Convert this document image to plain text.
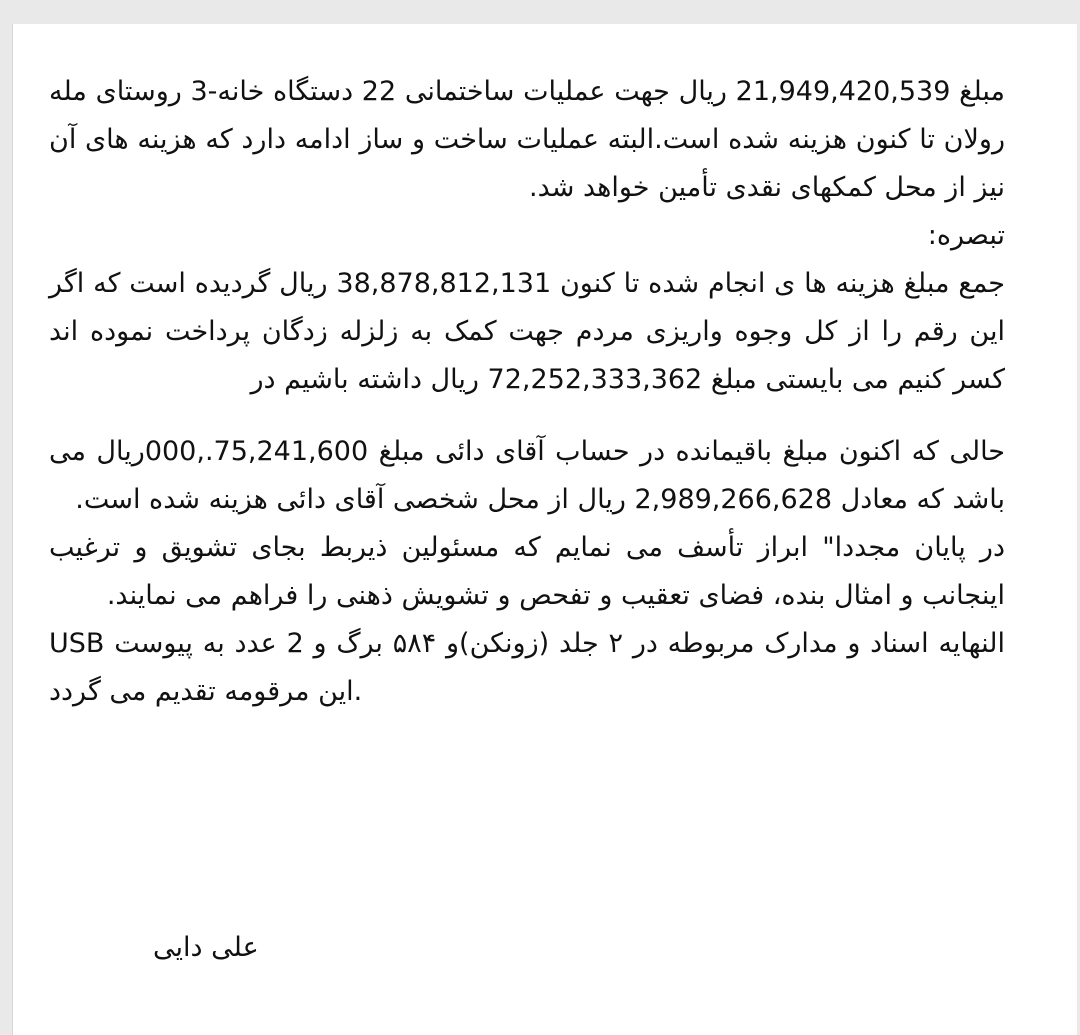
مبلغ 21,949,420,539 ریال جهت عملیات ساختمانی 22 دستگاه خانه-3 روستای مله رولان تا کنون هزینه شده است.البته عملیات ساخت و ساز ادامه دارد که هزینه های آن نیز از محل کمکهای نقدی تأمین خواهد شد.

تبصره:

جمع مبلغ هزینه ها ی انجام شده تا کنون 38,878,812,131 ریال گردیده است که اگر این رقم را از کل وجوه واریزی مردم جهت کمک به زلزله زدگان پرداخت نموده اند کسر کنیم می بایستی مبلغ 72,252,333,362 ریال داشته باشیم در

حالی که اکنون مبلغ باقیمانده در حساب آقای دائی مبلغ 75,241,600.,000ریال می باشد که معادل 2,989,266,628 ریال از محل شخصی آقای دائی هزینه شده است.

در پایان مجددا" ابراز تأسف می نمایم که مسئولین ذیربط بجای تشویق و ترغیب اینجانب و امثال بنده، فضای تعقیب و تفحص و تشویش ذهنی را فراهم می نمایند.

USB النهایه اسناد و مدارک مربوطه در ۲ جلد (زونکن)و ۵۸۴ برگ و 2 عدد به پیوست این مرقومه تقدیم می گردد.

علی دایی
